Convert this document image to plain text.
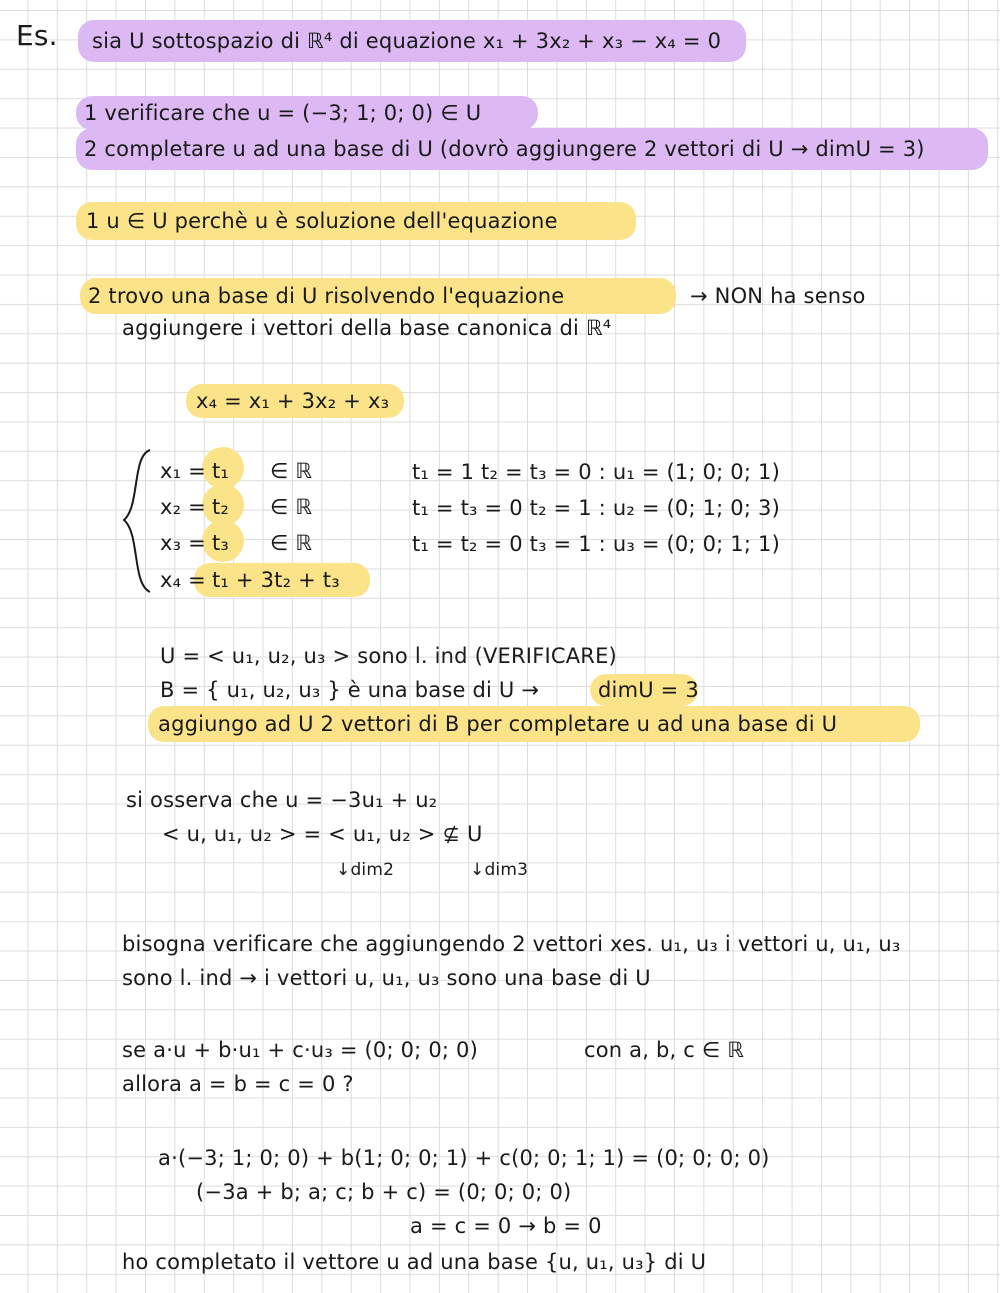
Es. sia U sottospazio di ℝ⁴ di equazione x₁ + 3x₂ + x₃ − x₄ = 0
1 verificare che u = (−3; 1; 0; 0) ∈ U
2 completare u ad una base di U (dovrò aggiungere 2 vettori di U → dimU = 3)
1 u ∈ U perchè u è soluzione dell'equazione
2 trovo una base di U risolvendo l'equazione	→ NON ha senso
aggiungere i vettori della base canonica di ℝ⁴
x₄ = x₁ + 3x₂ + x₃
x₁ = t₁ ∈ ℝ
x₂ = t₂ ∈ ℝ
x₃ = t₃ ∈ ℝ
x₄ = t₁ + 3t₂ + t₃
t₁ = 1 t₂ = t₃ = 0 : u₁ = (1; 0; 0; 1)
t₁ = t₃ = 0 t₂ = 1 : u₂ = (0; 1; 0; 3)
t₁ = t₂ = 0 t₃ = 1 : u₃ = (0; 0; 1; 1)
U = < u₁, u₂, u₃ > sono l. ind (VERIFICARE)
B = { u₁, u₂, u₃ } è una base di U →	dimU = 3
aggiungo ad U 2 vettori di B per completare u ad una base di U
si osserva che u = −3u₁ + u₂
< u, u₁, u₂ > = < u₁, u₂ > ⊈ U
↓dim2	↓dim3
bisogna verificare che aggiungendo 2 vettori xes. u₁, u₃ i vettori u, u₁, u₃
sono l. ind → i vettori u, u₁, u₃ sono una base di U
se a·u + b·u₁ + c·u₃ = (0; 0; 0; 0)	con a, b, c ∈ ℝ
allora a = b = c = 0 ?
a·(−3; 1; 0; 0) + b(1; 0; 0; 1) + c(0; 0; 1; 1) = (0; 0; 0; 0)
(−3a + b; a; c; b + c) = (0; 0; 0; 0)
a = c = 0 → b = 0
ho completato il vettore u ad una base {u, u₁, u₃} di U
